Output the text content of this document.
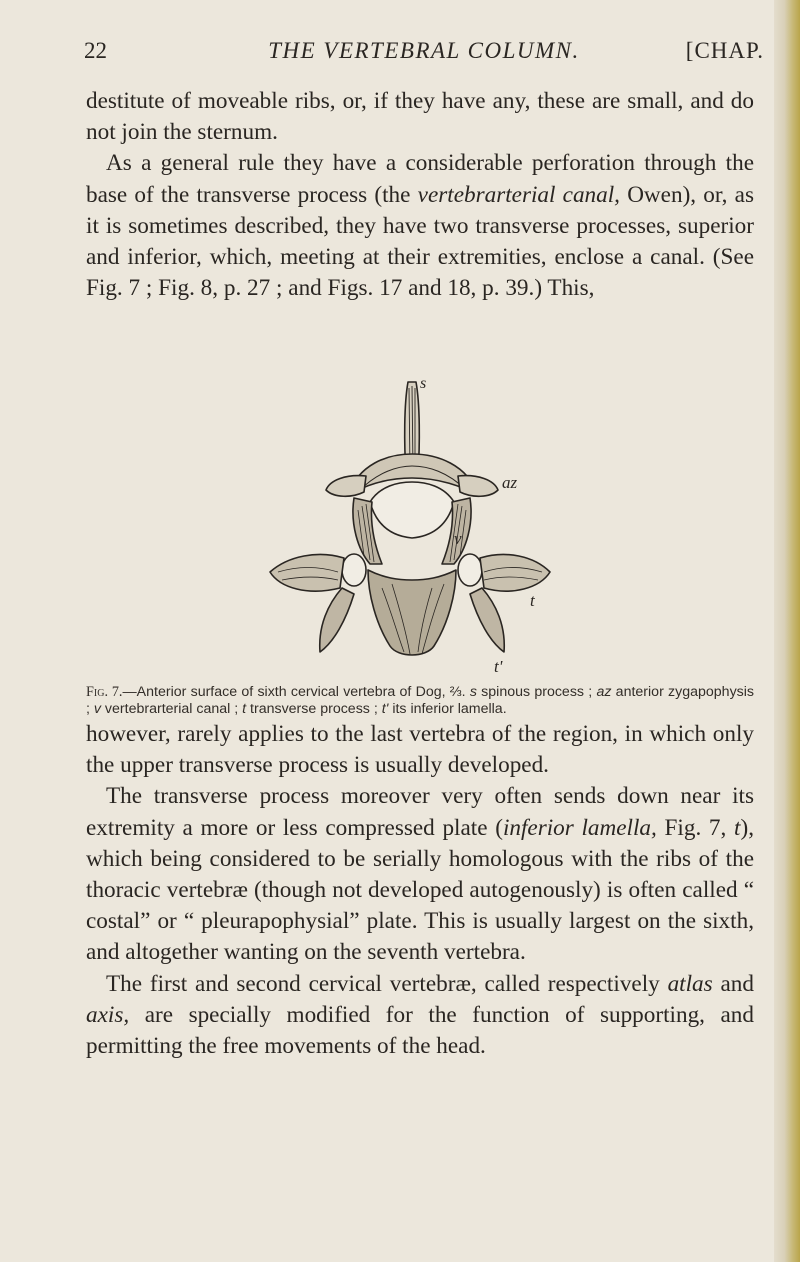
22	THE VERTEBRAL COLUMN.	[CHAP.

destitute of moveable ribs, or, if they have any, these are small, and do not join the sternum.

As a general rule they have a considerable perforation through the base of the transverse process (the vertebrarterial canal, Owen), or, as it is sometimes described, they have two transverse processes, superior and inferior, which, meeting at their extremities, enclose a canal. (See Fig. 7 ; Fig. 8, p. 27 ; and Figs. 17 and 18, p. 39.) This,

s
az
v
t
t'
Fig. 7.—Anterior surface of sixth cervical vertebra of Dog, ⅔. s spinous process ; az anterior zygapophysis ; v vertebrarterial canal ; t transverse process ; t' its inferior lamella.

however, rarely applies to the last vertebra of the region, in which only the upper transverse process is usually developed.

The transverse process moreover very often sends down near its extremity a more or less compressed plate (inferior lamella, Fig. 7, t), which being considered to be serially homologous with the ribs of the thoracic vertebræ (though not developed autogenously) is often called “ costal” or “ pleurapophysial” plate. This is usually largest on the sixth, and altogether wanting on the seventh vertebra.

The first and second cervical vertebræ, called respectively atlas and axis, are specially modified for the function of supporting, and permitting the free movements of the head.
